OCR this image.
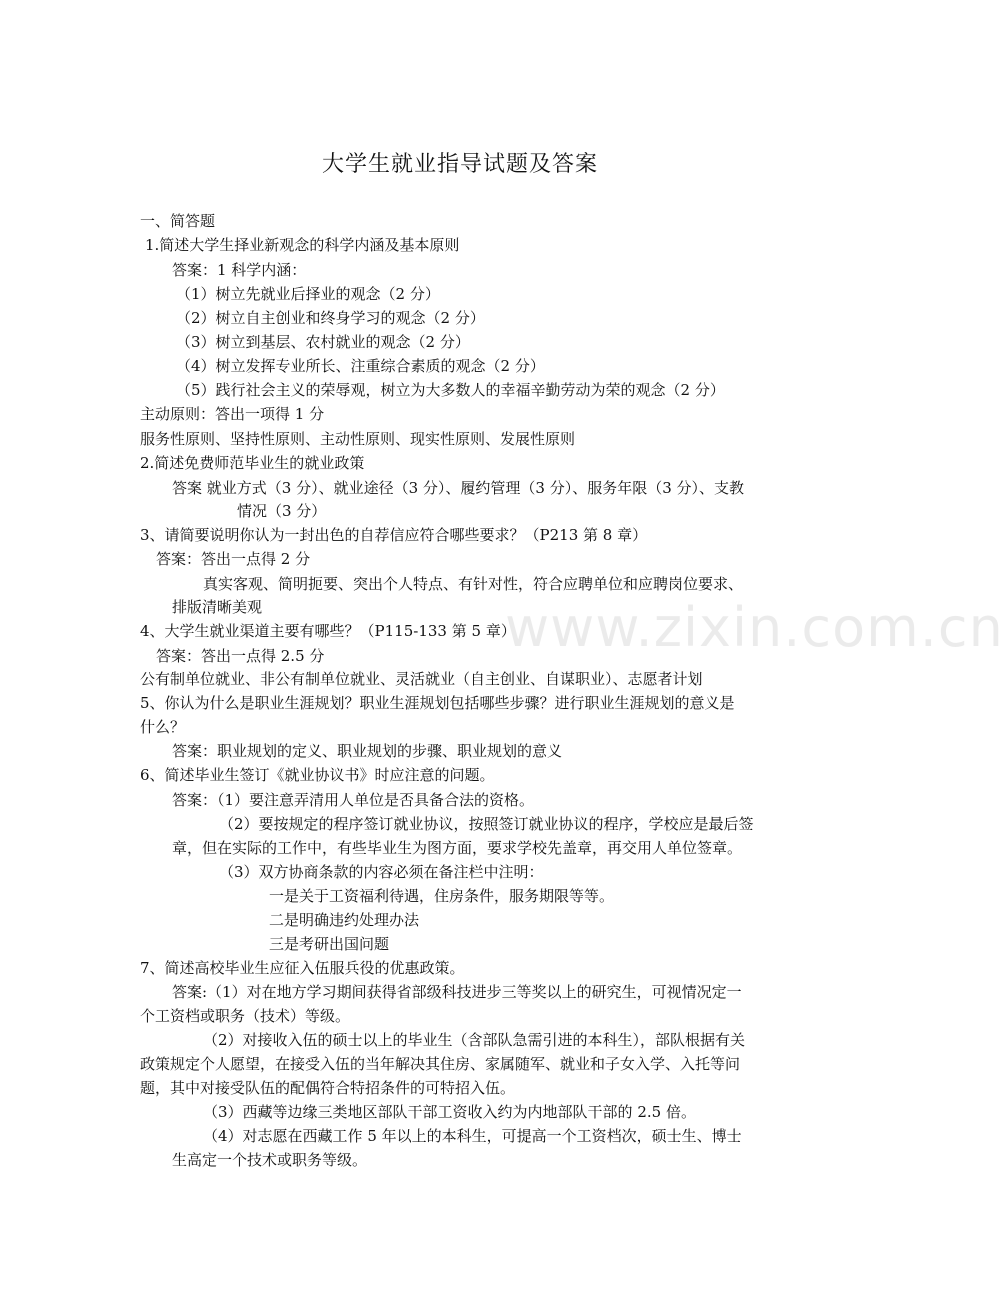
大学生就业指导试题及答案
www.zixin.com.cn
一、简答题
1.简述大学生择业新观念的科学内涵及基本原则
答案：1 科学内涵：
（1）树立先就业后择业的观念（2 分）
（2）树立自主创业和终身学习的观念（2 分）
（3）树立到基层、农村就业的观念（2 分）
（4）树立发挥专业所长、注重综合素质的观念（2 分）
（5）践行社会主义的荣辱观，树立为大多数人的幸福辛勤劳动为荣的观念（2 分）
主动原则：答出一项得 1 分
服务性原则、坚持性原则、主动性原则、现实性原则、发展性原则
2.简述免费师范毕业生的就业政策
答案 就业方式（3 分）、就业途径（3 分）、履约管理（3 分）、服务年限（3 分）、支教
情况（3 分）
3、请简要说明你认为一封出色的自荐信应符合哪些要求？（P213 第 8 章）
答案：答出一点得 2 分
真实客观、简明扼要、突出个人特点、有针对性，符合应聘单位和应聘岗位要求、
排版清晰美观
4、大学生就业渠道主要有哪些？（P115-133 第 5 章）
答案：答出一点得 2.5 分
公有制单位就业、非公有制单位就业、灵活就业（自主创业、自谋职业）、志愿者计划
5、你认为什么是职业生涯规划？职业生涯规划包括哪些步骤？进行职业生涯规划的意义是
什么？
答案：职业规划的定义、职业规划的步骤、职业规划的意义
6、简述毕业生签订《就业协议书》时应注意的问题。
答案：（1）要注意弄清用人单位是否具备合法的资格。
（2）要按规定的程序签订就业协议，按照签订就业协议的程序，学校应是最后签
章，但在实际的工作中，有些毕业生为图方面，要求学校先盖章，再交用人单位签章。
（3）双方协商条款的内容必须在备注栏中注明：
一是关于工资福利待遇，住房条件，服务期限等等。
二是明确违约处理办法
三是考研出国问题
7、简述高校毕业生应征入伍服兵役的优惠政策。
答案:（1）对在地方学习期间获得省部级科技进步三等奖以上的研究生，可视情况定一
个工资档或职务（技术）等级。
（2）对接收入伍的硕士以上的毕业生（含部队急需引进的本科生），部队根据有关
政策规定个人愿望，在接受入伍的当年解决其住房、家属随军、就业和子女入学、入托等问
题，其中对接受队伍的配偶符合特招条件的可特招入伍。
（3）西藏等边缘三类地区部队干部工资收入约为内地部队干部的 2.5 倍。
（4）对志愿在西藏工作 5 年以上的本科生，可提高一个工资档次，硕士生、博士
生高定一个技术或职务等级。
